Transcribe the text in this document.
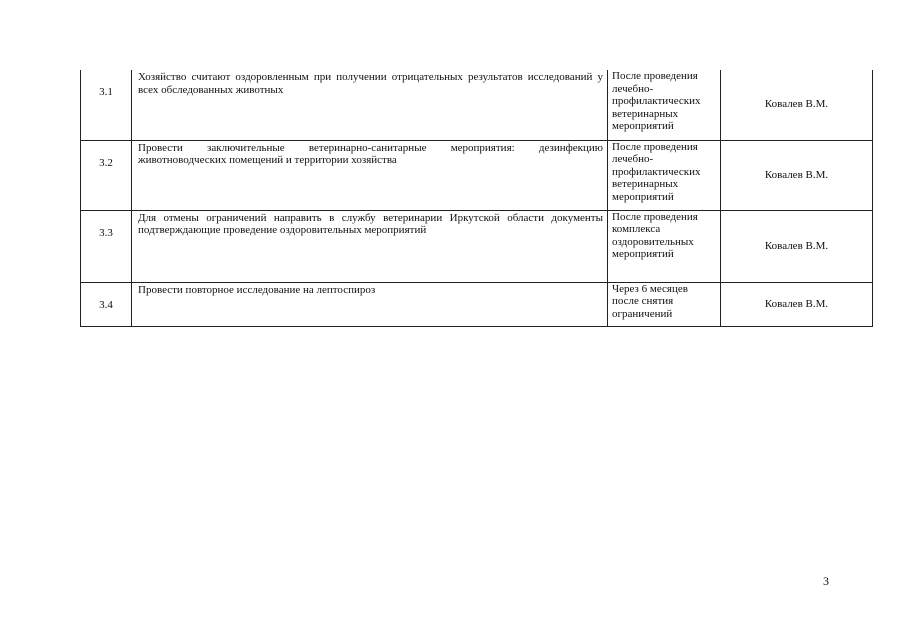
3.1	Хозяйство считают оздоровленным при получении отрицательных результатов исследований у всех обследованных животных	После проведения
лечебно-
профилактических
ветеринарных
мероприятий	Ковалев В.М.

3.2	Провести заключительные ветеринарно-санитарные мероприятия: дезинфекцию животноводческих помещений и территории хозяйства	После проведения
лечебно-
профилактических
ветеринарных
мероприятий	Ковалев В.М.

3.3	Для отмены ограничений направить в службу ветеринарии Иркутской области документы подтверждающие проведение оздоровительных мероприятий	После проведения
комплекса
оздоровительных
мероприятий	Ковалев В.М.

3.4	Провести повторное исследование на лептоспироз	Через 6 месяцев
после снятия
ограничений	Ковалев В.М.
3
